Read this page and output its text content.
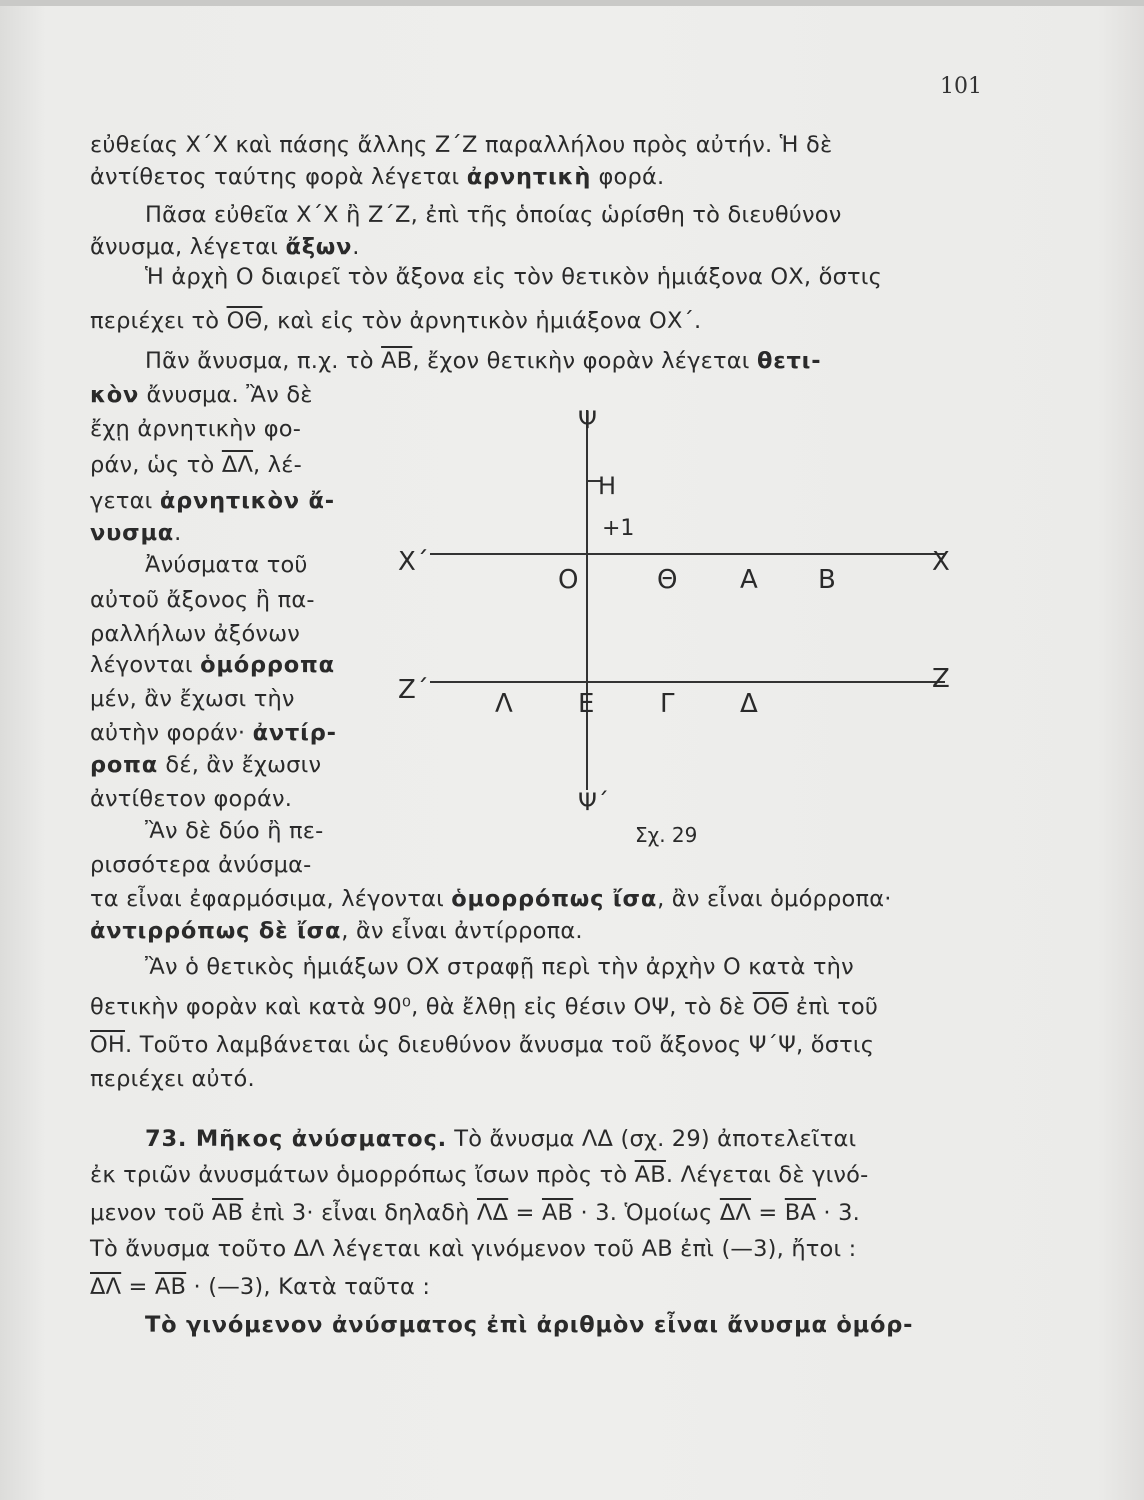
101
εὐθείας Χ΄Χ καὶ πάσης ἄλλης Ζ΄Ζ παραλλήλου πρὸς αὐτήν. Ἡ δὲ
ἀντίθετος ταύτης φορὰ λέγεται ἀρνητικὴ φορά.
Πᾶσα εὐθεῖα Χ΄Χ ἢ Ζ΄Ζ, ἐπὶ τῆς ὁποίας ὡρίσθη τὸ διευθύνον
ἄνυσμα, λέγεται ἄξων.
Ἡ ἀρχὴ Ο διαιρεῖ τὸν ἄξονα εἰς τὸν θετικὸν ἡμιάξονα ΟΧ, ὅστις
περιέχει τὸ $\overline{O\Theta}$, καὶ εἰς τὸν ἀρνητικὸν ἡμιάξονα ΟΧ΄.
Πᾶν ἄνυσμα, π.χ. τὸ $\overline{AB}$, ἔχον θετικὴν φορὰν λέγεται θετι-
κὸν ἄνυσμα. Ἂν δὲ
ἔχῃ ἀρνητικὴν φο-
ράν, ὡς τὸ $\overline{\Delta\Lambda}$, λέ-
γεται ἀρνητικὸν ἄ-
νυσμα.
Ἀνύσματα τοῦ
αὐτοῦ ἄξονος ἢ πα-
ραλλήλων ἀξόνων
λέγονται ὁμόρροπα
μέν, ἂν ἔχωσι τὴν
αὐτὴν φοράν· ἀντίρ-
ροπα δέ, ἂν ἔχωσιν
ἀντίθετον φοράν.
Ἂν δὲ δύο ἢ πε-
ρισσότερα ἀνύσμα-
τα εἶναι ἐφαρμόσιμα, λέγονται ὁμορρόπως ἴσα, ἂν εἶναι ὁμόρροπα·
ἀντιρρόπως δὲ ἴσα, ἂν εἶναι ἀντίρροπα.
Ἂν ὁ θετικὸς ἡμιάξων ΟΧ στραφῇ περὶ τὴν ἀρχὴν Ο κατὰ τὴν
θετικὴν φορὰν καὶ κατὰ 90⁰, θὰ ἔλθῃ εἰς θέσιν ΟΨ, τὸ δὲ $\overline{O\Theta}$ ἐπὶ τοῦ
$\overline{OH}$. Τοῦτο λαμβάνεται ὡς διευθύνον ἄνυσμα τοῦ ἄξονος Ψ΄Ψ, ὅστις
περιέχει αὐτό.
73. Μῆκος ἀνύσματος. Τὸ ἄνυσμα ΛΔ (σχ. 29) ἀποτελεῖται
ἐκ τριῶν ἀνυσμάτων ὁμορρόπως ἴσων πρὸς τὸ $\overline{AB}$. Λέγεται δὲ γινό-
μενον τοῦ $\overline{AB}$ ἐπὶ 3· εἶναι δηλαδὴ $\overline{\Lambda\Delta} = \overline{AB} \cdot 3$. Ὁμοίως $\overline{\Delta\Lambda} = \overline{BA} \cdot 3$.
Τὸ ἄνυσμα τοῦτο ΔΛ λέγεται καὶ γινόμενον τοῦ ΑΒ ἐπὶ (—3), ἤτοι :
$\overline{\Delta\Lambda} = \overline{AB}$ · (—3), Κατὰ ταῦτα :
Τὸ γινόμενον ἀνύσματος ἐπὶ ἀριθμὸν εἶναι ἄνυσμα ὁμόρ-
Ψ
Η
+1
Χ΄	Χ
Ο	Θ Α Β
Ζ΄	Ζ
Λ	Ε	Γ	Δ
Ψ΄
Σχ. 29
